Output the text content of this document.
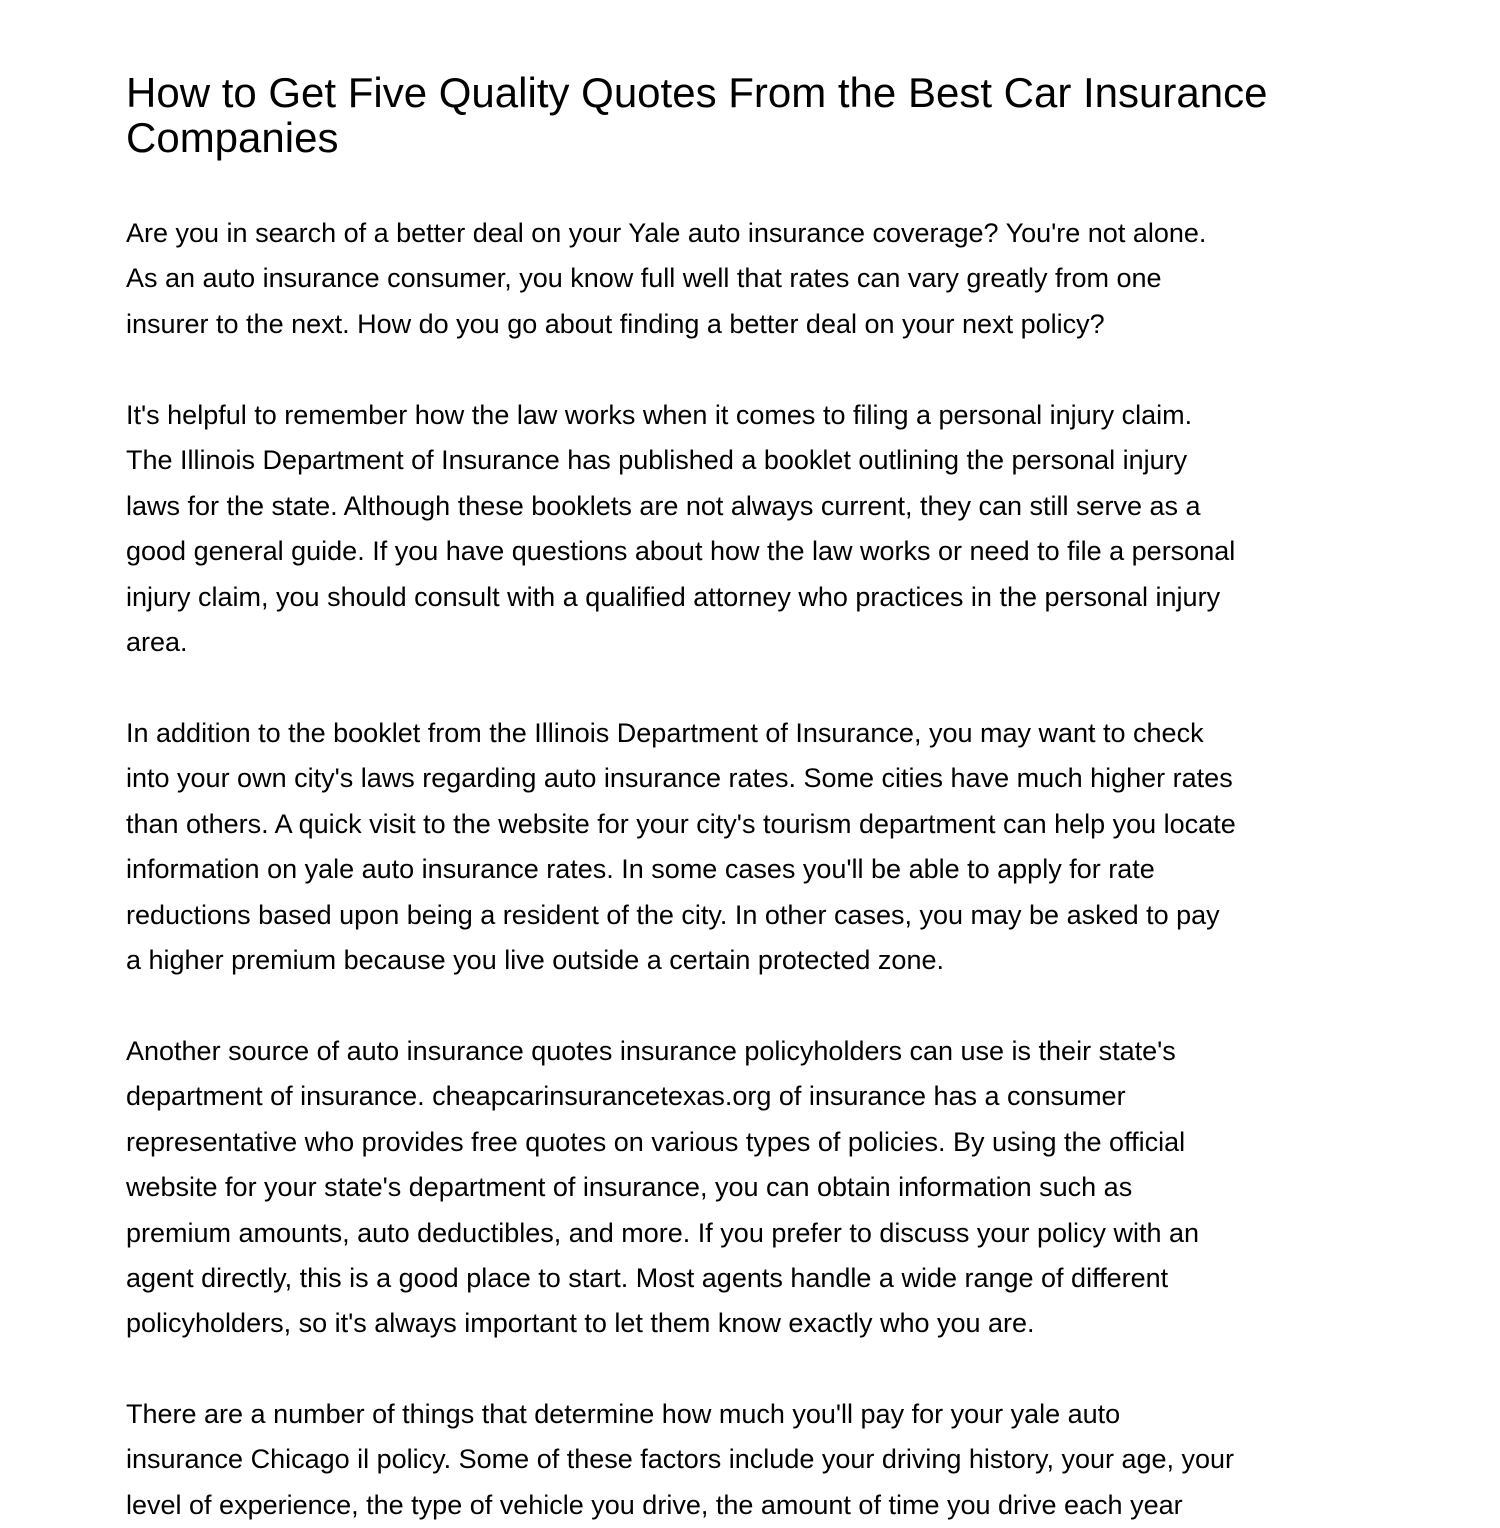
How to Get Five Quality Quotes From the Best Car Insurance
Companies

Are you in search of a better deal on your Yale auto insurance coverage? You're not alone.
As an auto insurance consumer, you know full well that rates can vary greatly from one
insurer to the next. How do you go about finding a better deal on your next policy?

It's helpful to remember how the law works when it comes to filing a personal injury claim.
The Illinois Department of Insurance has published a booklet outlining the personal injury
laws for the state. Although these booklets are not always current, they can still serve as a
good general guide. If you have questions about how the law works or need to file a personal
injury claim, you should consult with a qualified attorney who practices in the personal injury
area.

In addition to the booklet from the Illinois Department of Insurance, you may want to check
into your own city's laws regarding auto insurance rates. Some cities have much higher rates
than others. A quick visit to the website for your city's tourism department can help you locate
information on yale auto insurance rates. In some cases you'll be able to apply for rate
reductions based upon being a resident of the city. In other cases, you may be asked to pay
a higher premium because you live outside a certain protected zone.

Another source of auto insurance quotes insurance policyholders can use is their state's
department of insurance. cheapcarinsurancetexas.org of insurance has a consumer
representative who provides free quotes on various types of policies. By using the official
website for your state's department of insurance, you can obtain information such as
premium amounts, auto deductibles, and more. If you prefer to discuss your policy with an
agent directly, this is a good place to start. Most agents handle a wide range of different
policyholders, so it's always important to let them know exactly who you are.

There are a number of things that determine how much you'll pay for your yale auto
insurance Chicago il policy. Some of these factors include your driving history, your age, your
level of experience, the type of vehicle you drive, the amount of time you drive each year
